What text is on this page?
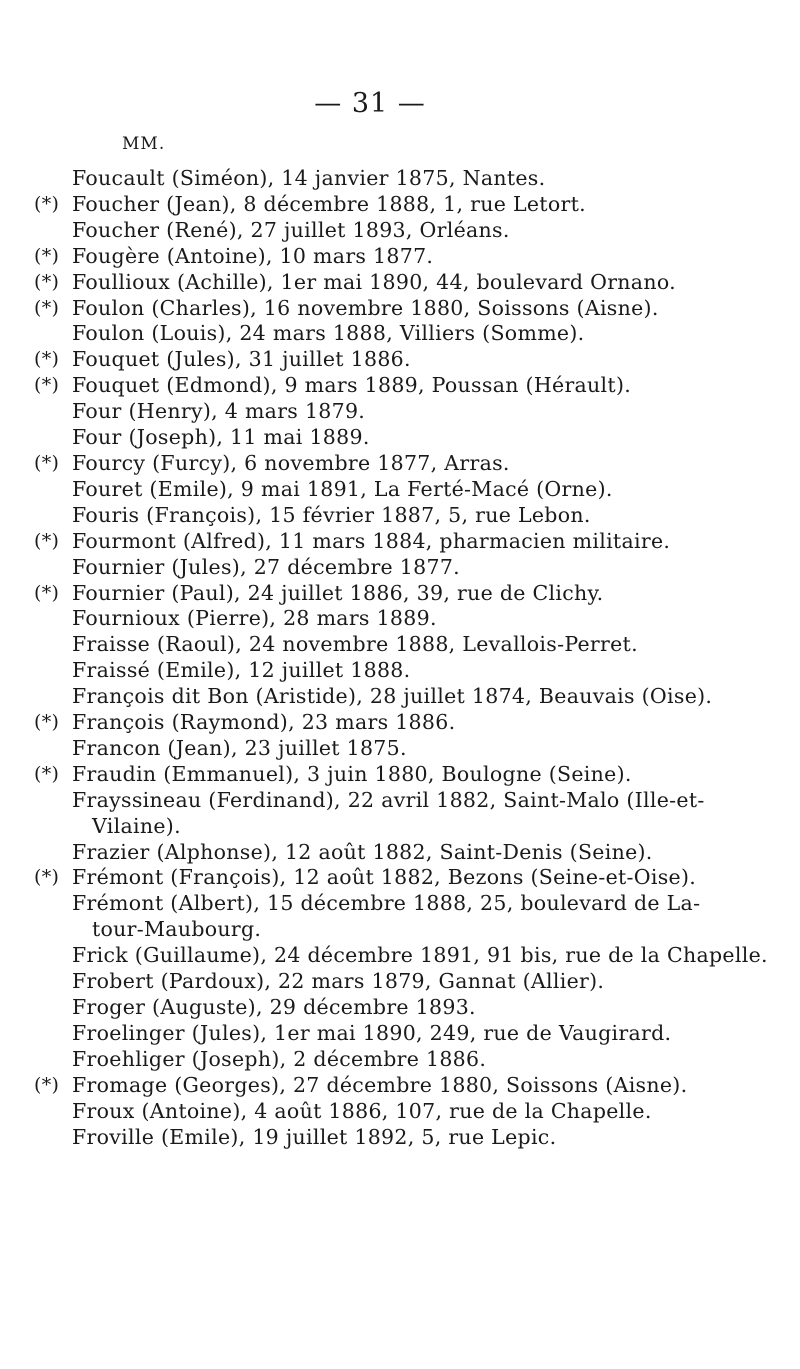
— 31 —
MM.
Foucault (Siméon), 14 janvier 1875, Nantes.
(*) Foucher (Jean), 8 décembre 1888, 1, rue Letort.
Foucher (René), 27 juillet 1893, Orléans.
(*) Fougère (Antoine), 10 mars 1877.
(*) Foullioux (Achille), 1er mai 1890, 44, boulevard Ornano.
(*) Foulon (Charles), 16 novembre 1880, Soissons (Aisne).
Foulon (Louis), 24 mars 1888, Villiers (Somme).
(*) Fouquet (Jules), 31 juillet 1886.
(*) Fouquet (Edmond), 9 mars 1889, Poussan (Hérault).
Four (Henry), 4 mars 1879.
Four (Joseph), 11 mai 1889.
(*) Fourcy (Furcy), 6 novembre 1877, Arras.
Fouret (Emile), 9 mai 1891, La Ferté-Macé (Orne).
Fouris (François), 15 février 1887, 5, rue Lebon.
(*) Fourmont (Alfred), 11 mars 1884, pharmacien militaire.
Fournier (Jules), 27 décembre 1877.
(*) Fournier (Paul), 24 juillet 1886, 39, rue de Clichy.
Fournioux (Pierre), 28 mars 1889.
Fraisse (Raoul), 24 novembre 1888, Levallois-Perret.
Fraissé (Emile), 12 juillet 1888.
François dit Bon (Aristide), 28 juillet 1874, Beauvais (Oise).
(*) François (Raymond), 23 mars 1886.
Francon (Jean), 23 juillet 1875.
(*) Fraudin (Emmanuel), 3 juin 1880, Boulogne (Seine).
Frayssineau (Ferdinand), 22 avril 1882, Saint-Malo (Ille-et-
Vilaine).
Frazier (Alphonse), 12 août 1882, Saint-Denis (Seine).
(*) Frémont (François), 12 août 1882, Bezons (Seine-et-Oise).
Frémont (Albert), 15 décembre 1888, 25, boulevard de La-
tour-Maubourg.
Frick (Guillaume), 24 décembre 1891, 91 bis, rue de la Chapelle.
Frobert (Pardoux), 22 mars 1879, Gannat (Allier).
Froger (Auguste), 29 décembre 1893.
Froelinger (Jules), 1er mai 1890, 249, rue de Vaugirard.
Froehliger (Joseph), 2 décembre 1886.
(*) Fromage (Georges), 27 décembre 1880, Soissons (Aisne).
Froux (Antoine), 4 août 1886, 107, rue de la Chapelle.
Froville (Emile), 19 juillet 1892, 5, rue Lepic.
